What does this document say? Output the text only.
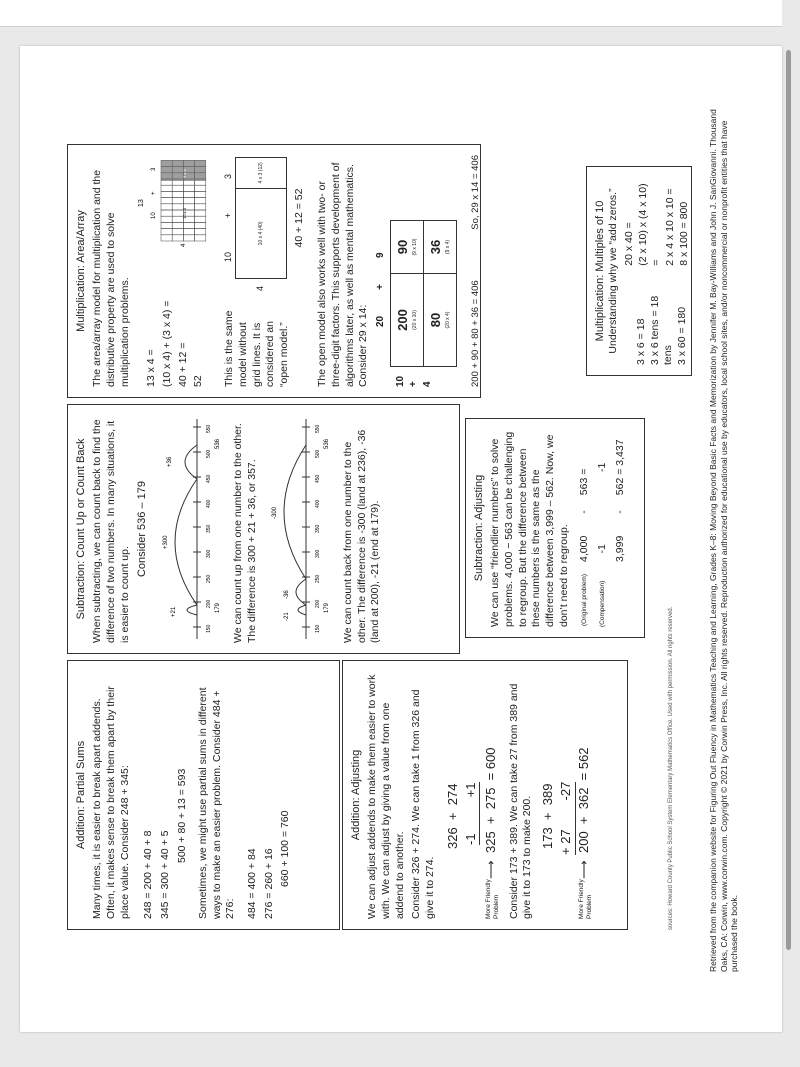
Addition: Partial Sums Many times, it is easier to break apart addends. Often, it makes sense to break them apart by their place value. Consider 248 + 345: 248 = 200 + 40 + 8 345 = 300 + 40 + 5

500 + 80 + 13 = 593 Sometimes, we might use partial sums in different ways to make an easier problem. Consider 484 + 276: 484 = 400 + 84 276 = 260 + 16 660 + 100 = 760

Addition: Adjusting We can adjust addends to make them easier to work with. We can adjust by giving a value from one addend to another. Consider 326 + 274. We can take 1 from 326 and give it to 274.

326  +  274 -1          +1
More Friendly Problem
⟶
325  +  275  = 600 Consider 173 + 389. We can take 27 from 389 and give it to 173 to make 200. 173  +  389 + 27        -27
More Friendly Problem
⟶
200  +  362  = 562
Subtraction: Count Up or Count Back When subtracting, we can count back to find the difference of two numbers. In many situations, it is easier to count up.

Consider 536 – 179

150
200
250
300
350
400
450
500
550
+21
+300
+36
179
536 We can count up from one number to the other. The difference is 300 + 21 + 36, or 357.	150
200
250
300
350
400
450
500
550
-21
-36
-300
179
536 We can count back from one number to the other. The difference is -300 (land at 236), -36 (land at 200), -21 (end at 179).	Subtraction: Adjusting We can use “friendlier numbers” to solve problems. 4,000 − 563 can be challenging to regroup. But the difference between these numbers is the same as the difference between 3,999 – 562. Now, we don’t need to regroup. (Original problem)	4,000	-	563 =
(Compensation)	-1		-1
	3,999	-	562 = 3,437
Multiplication: Area/Array The area/array model for multiplication and the distributive property are used to solve multiplication problems. 13 x 4 = (10 x 4) + (3 x 4) = 40 + 12 = 52

13
10
+
3
4
10 x 4
3 x 4

This is the same model without grid lines. It is considered an “open model.”

10
+
3
4
10 x 4 (40)
4 x 3 (12)

40 + 12 = 52 The open model also works well with two- or three-digit factors. This supports development of algorithms later, as well as mental mathematics. Consider 29 x 14: 20
+
9
10 + 4
200 (20 x 10)	90 (9 x 10)

80 (20 x 4)	36 (9 x 4)
200 + 90 + 80 + 36 = 406
So, 29 x 14 = 406
Multiplication: Multiples of 10 Understanding why we “add zeros.” 3 x 6 = 18 3 x 6 tens = 18 tens 3 x 60 = 180
20 x 40 = (2 x 10) x (4 x 10) = 2 x 4 x 10 x 10 = 8 x 100 = 800
sources: Howard County Public School System Elementary Mathematics Office. Used with permission. All rights reserved.	Retrieved from the companion website for Figuring Out Fluency in Mathematics Teaching and Learning, Grades K–8: Moving Beyond Basic Facts and Memorization by Jennifer M. Bay-Williams and John J. SanGiovanni. Thousand Oaks, CA: Corwin, www.corwin.com. Copyright © 2021 by Corwin Press, Inc. All rights reserved. Reproduction authorized for educational use by educators, local school sites, and/or noncommercial or nonprofit entities that have purchased the book.
